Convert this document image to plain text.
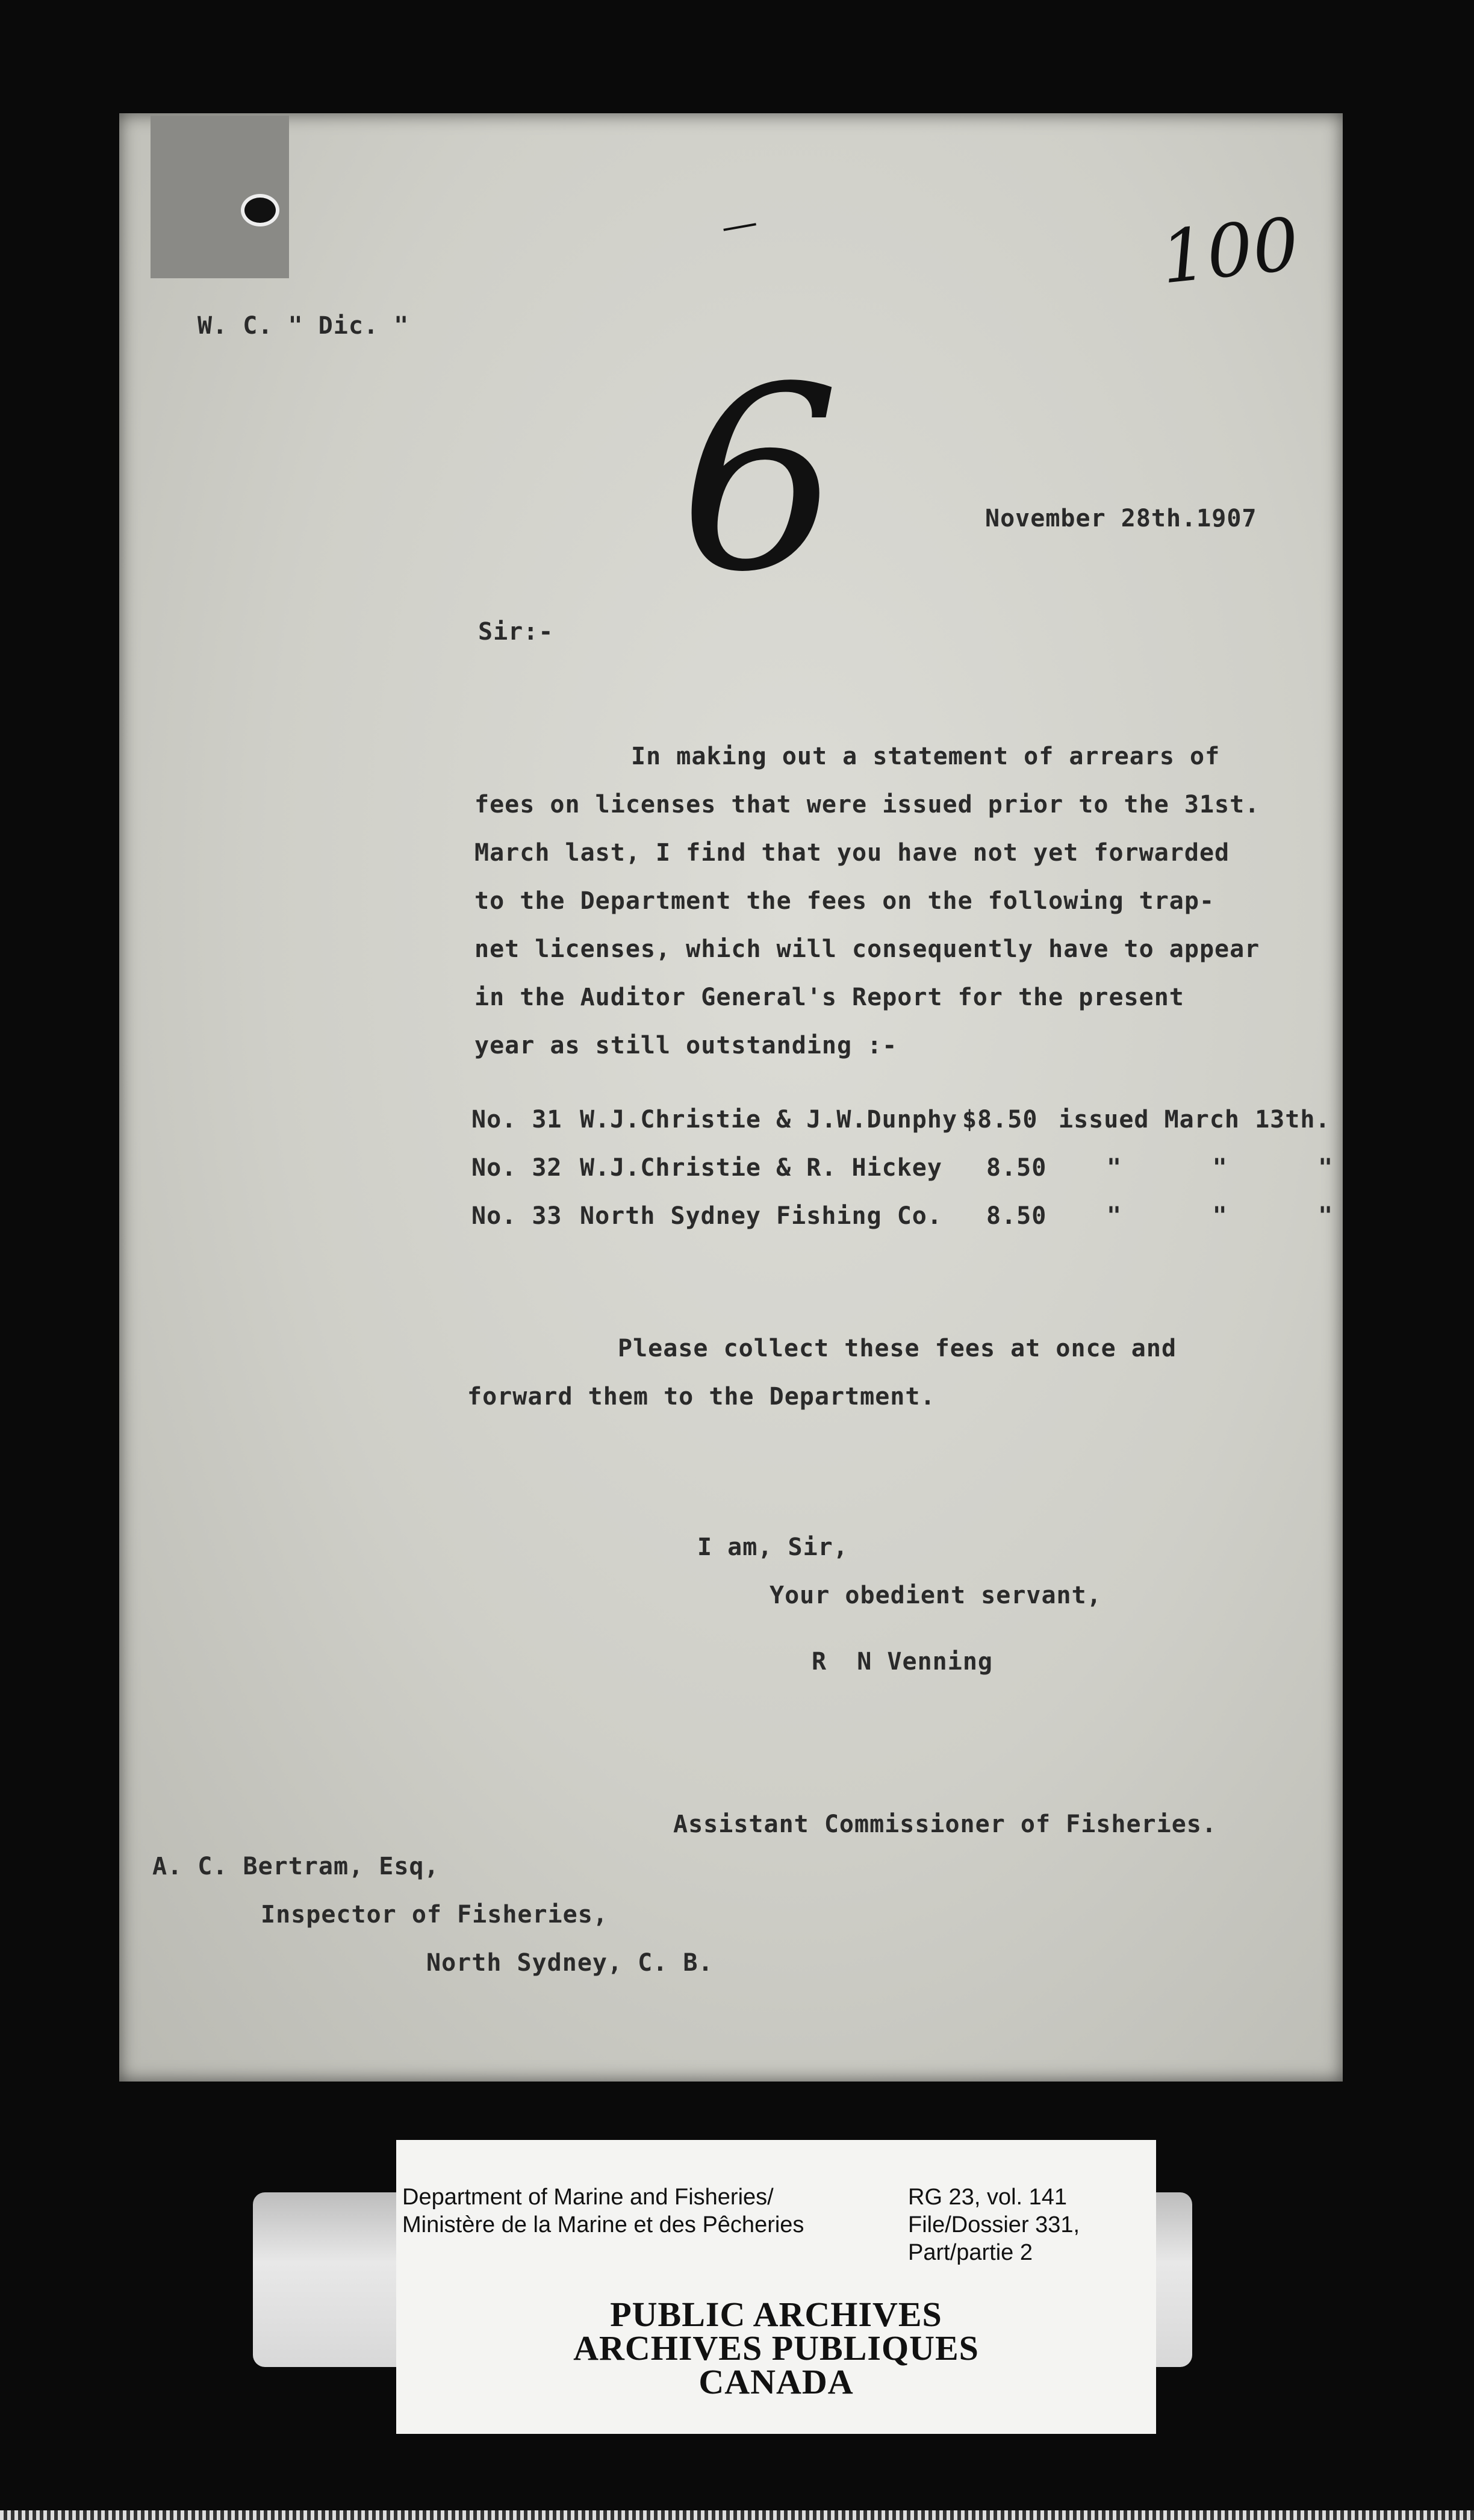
—	100
6
W. C. " Dic. "
November 28th.1907
Sir:-
In making out a statement of arrears of
fees on licenses that were issued prior to the 31st.
March last, I find that you have not yet forwarded
to the Department the fees on the following trap-
net licenses, which will consequently have to appear
in the Auditor General's Report for the present
year as still outstanding :-
No. 31 W.J.Christie & J.W.Dunphy $8.50 issued March 13th.
No. 32 W.J.Christie & R. Hickey 8.50 "      "      "
No. 33 North Sydney Fishing Co. 8.50 "      "      "
Please collect these fees at once and
forward them to the Department.
I am, Sir,
Your obedient servant,
R  N Venning
Assistant Commissioner of Fisheries.
A. C. Bertram, Esq,
Inspector of Fisheries,
North Sydney, C. B.
Department of Marine and Fisheries/
Ministère de la Marine et des Pêcheries
RG 23, vol. 141
File/Dossier 331,
Part/partie 2
PUBLIC ARCHIVES
ARCHIVES PUBLIQUES
CANADA
